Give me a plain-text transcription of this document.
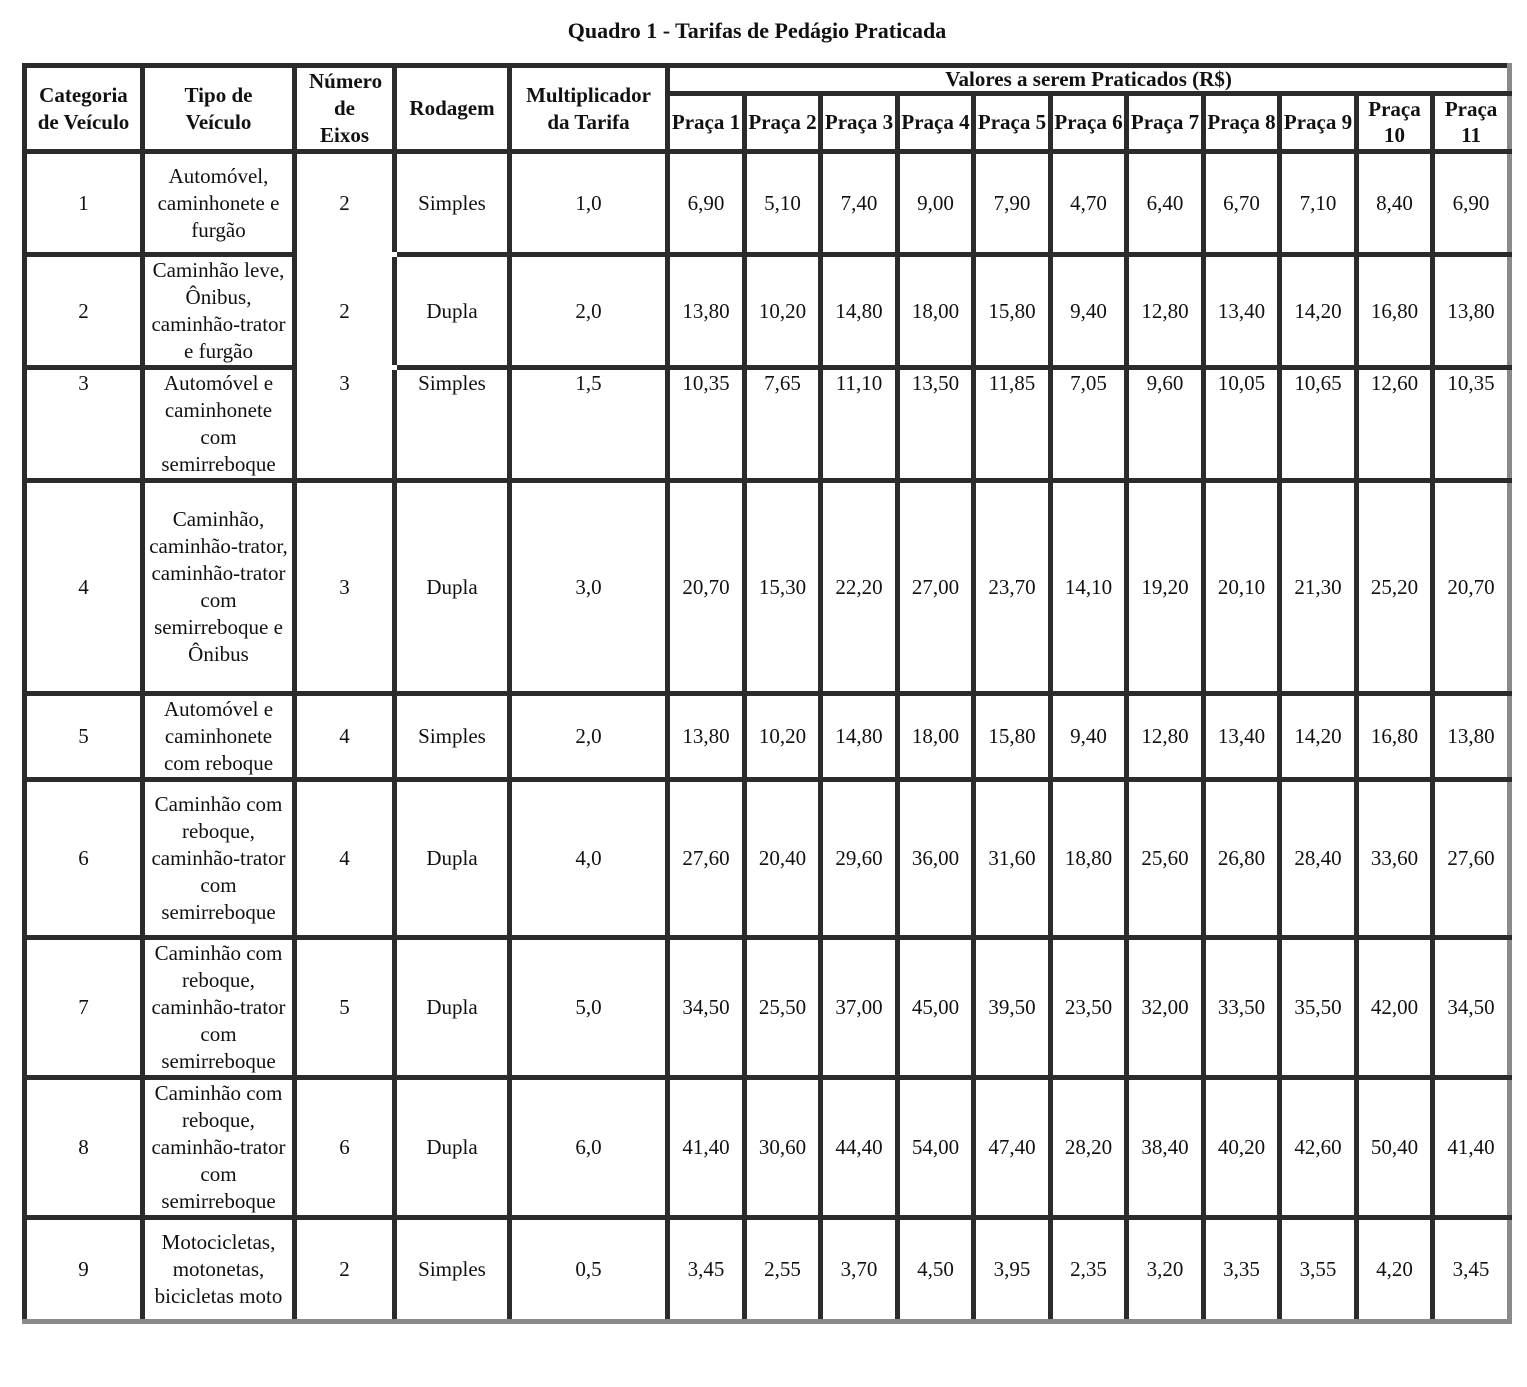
Quadro 1 - Tarifas de Pedágio Praticada
Categoria de Veículo	Tipo de Veículo	Número de Eixos	Rodagem	Multiplicador da Tarifa	Valores a serem Praticados (R$)										
					Praça 1	Praça 2	Praça 3	Praça 4	Praça 5	Praça 6	Praça 7	Praça 8	Praça 9	Praça 10	Praça 11
1	Automóvel, caminhonete e furgão	2	Simples	1,0	6,90	5,10	7,40	9,00	7,90	4,70	6,40	6,70	7,10	8,40	6,90
2	Caminhão leve, Ônibus, caminhão-trator e furgão	2	Dupla	2,0	13,80	10,20	14,80	18,00	15,80	9,40	12,80	13,40	14,20	16,80	13,80
3	Automóvel e caminhonete com semirreboque	3	Simples	1,5	10,35	7,65	11,10	13,50	11,85	7,05	9,60	10,05	10,65	12,60	10,35
4	Caminhão, caminhão-trator, caminhão-trator com semirreboque e Ônibus	3	Dupla	3,0	20,70	15,30	22,20	27,00	23,70	14,10	19,20	20,10	21,30	25,20	20,70
5	Automóvel e caminhonete com reboque	4	Simples	2,0	13,80	10,20	14,80	18,00	15,80	9,40	12,80	13,40	14,20	16,80	13,80
6	Caminhão com reboque, caminhão-trator com semirreboque	4	Dupla	4,0	27,60	20,40	29,60	36,00	31,60	18,80	25,60	26,80	28,40	33,60	27,60
7	Caminhão com reboque, caminhão-trator com semirreboque	5	Dupla	5,0	34,50	25,50	37,00	45,00	39,50	23,50	32,00	33,50	35,50	42,00	34,50
8	Caminhão com reboque, caminhão-trator com semirreboque	6	Dupla	6,0	41,40	30,60	44,40	54,00	47,40	28,20	38,40	40,20	42,60	50,40	41,40
9	Motocicletas, motonetas, bicicletas moto	2	Simples	0,5	3,45	2,55	3,70	4,50	3,95	2,35	3,20	3,35	3,55	4,20	3,45
